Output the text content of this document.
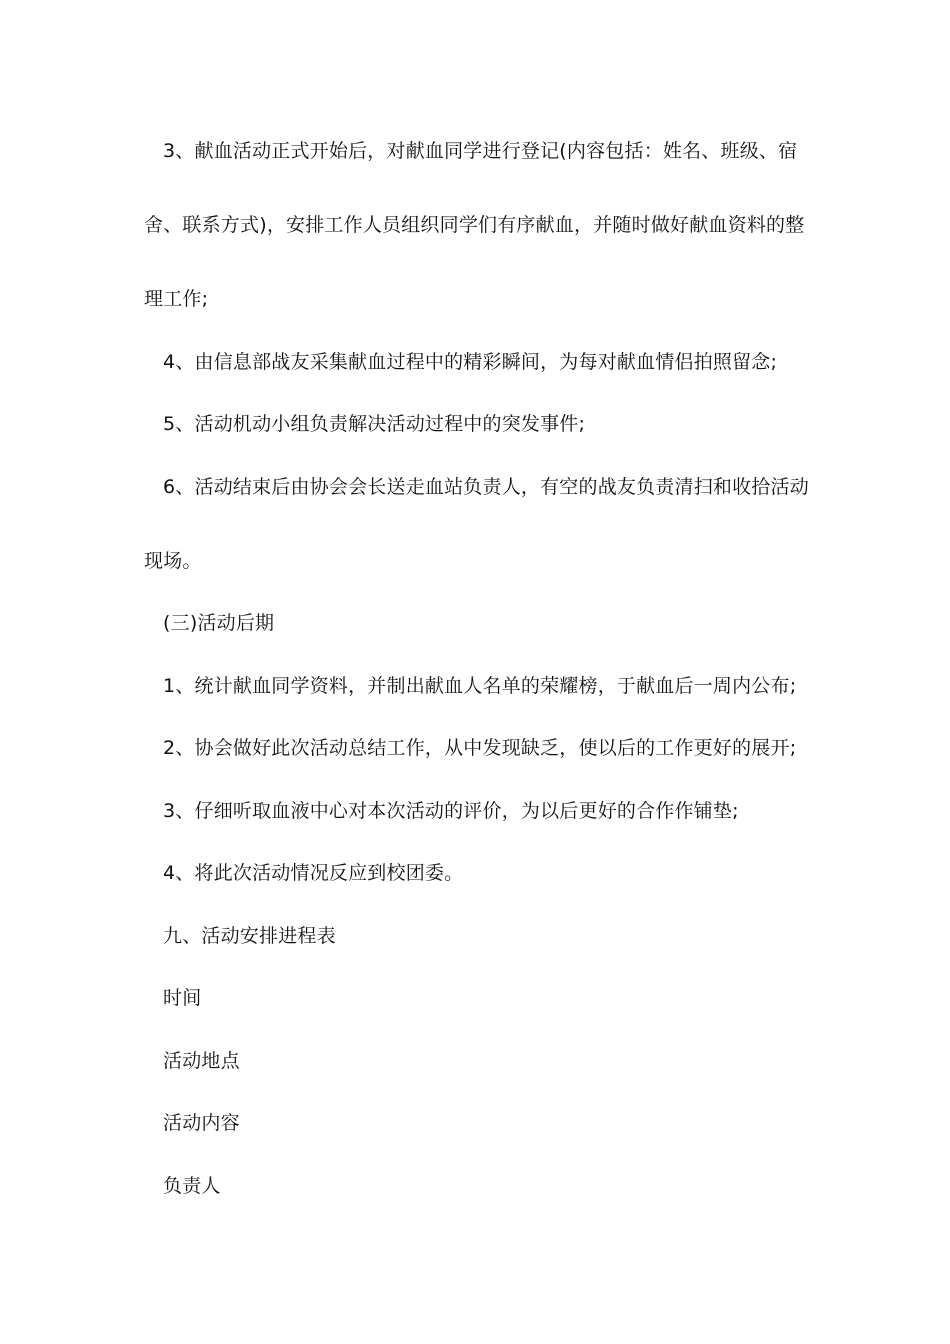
3、献血活动正式开始后，对献血同学进行登记(内容包括：姓名、班级、宿
舍、联系方式)，安排工作人员组织同学们有序献血，并随时做好献血资料的整
理工作;
4、由信息部战友采集献血过程中的精彩瞬间，为每对献血情侣拍照留念;
5、活动机动小组负责解决活动过程中的突发事件;
6、活动结束后由协会会长送走血站负责人，有空的战友负责清扫和收拾活动
现场。
(三)活动后期
1、统计献血同学资料，并制出献血人名单的荣耀榜，于献血后一周内公布;
2、协会做好此次活动总结工作，从中发现缺乏，使以后的工作更好的展开;
3、仔细听取血液中心对本次活动的评价，为以后更好的合作作铺垫;
4、将此次活动情况反应到校团委。
九、活动安排进程表
时间
活动地点
活动内容
负责人
